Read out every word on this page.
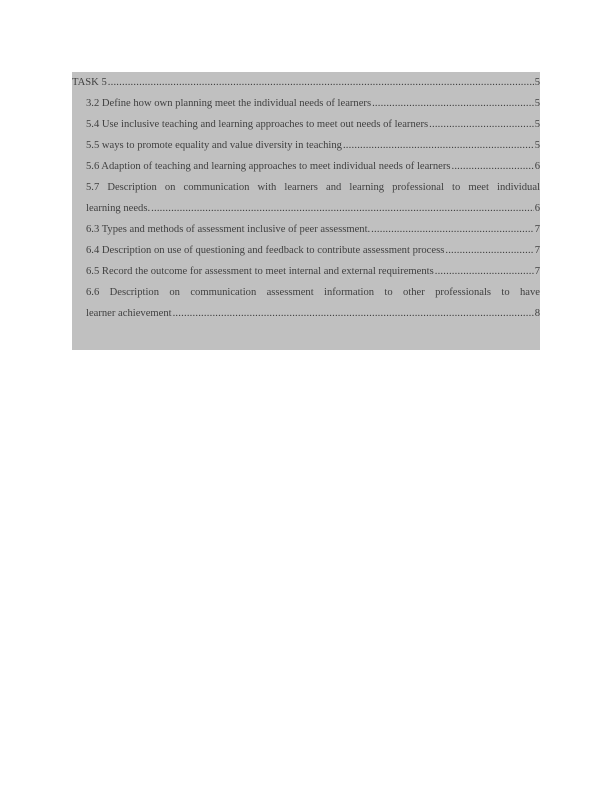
TASK 5 .....	5
3.2 Define how own planning meet the individual needs of learners .....	5
5.4 Use inclusive teaching and learning approaches to meet out needs of learners .....	5
5.5 ways to promote equality and value diversity in teaching .....	5
5.6 Adaption of teaching and learning approaches to meet individual needs of learners .....	6
5.7 Description on communication with learners and learning professional to meet individual
learning needs. .....	6
6.3 Types and methods of assessment inclusive of peer assessment. .....	7
6.4 Description on use of questioning and feedback to contribute assessment process .....	7
6.5 Record the outcome for assessment to meet internal and external requirements .....	7
6.6 Description on communication assessment information to other professionals to have
learner achievement .....	8
